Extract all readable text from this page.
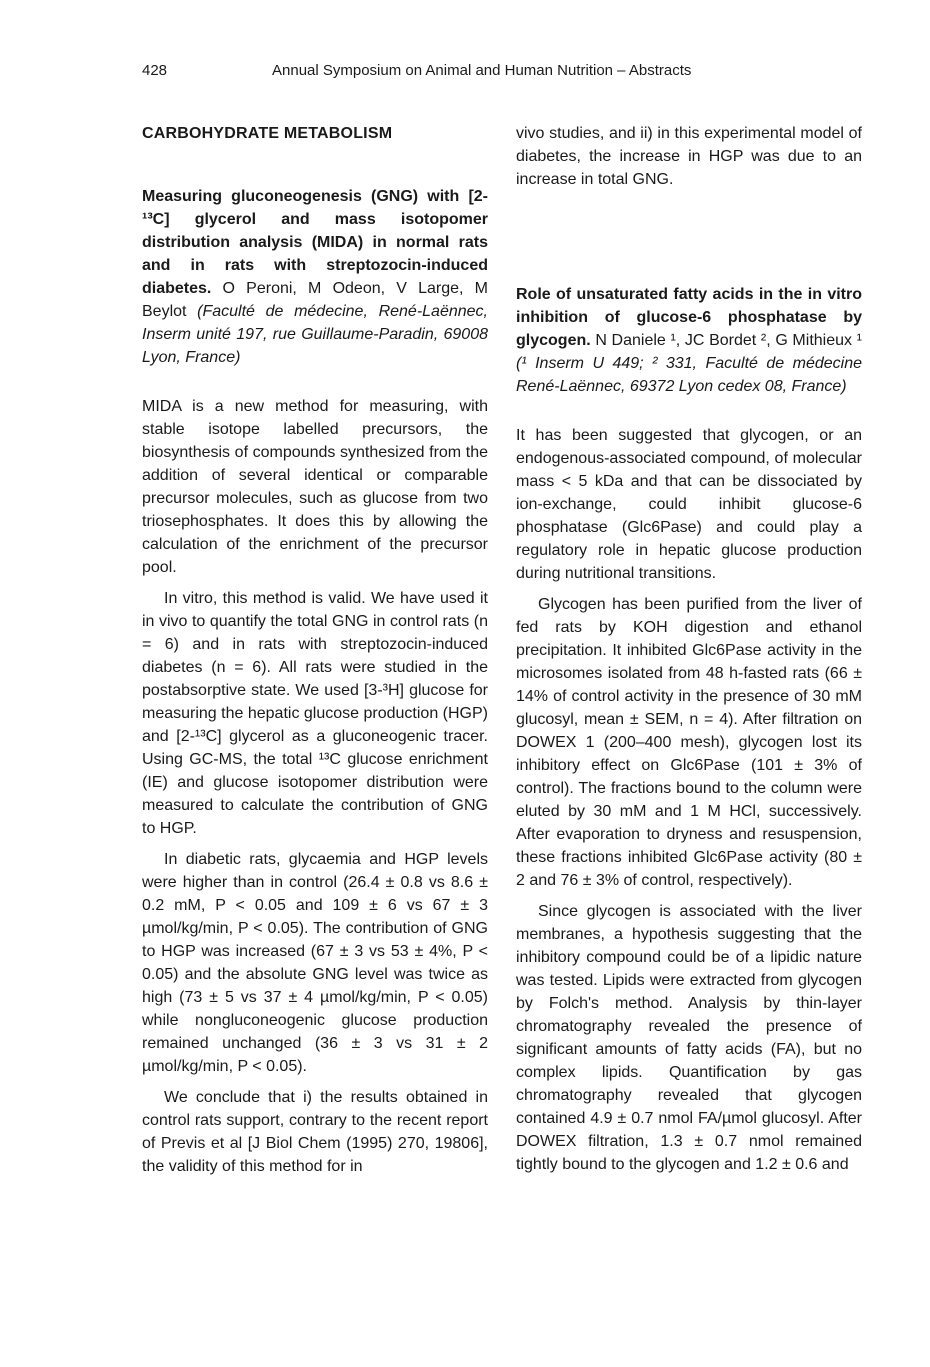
428	Annual Symposium on Animal and Human Nutrition – Abstracts
CARBOHYDRATE METABOLISM
Measuring gluconeogenesis (GNG) with [2-¹³C] glycerol and mass isotopomer distribution analysis (MIDA) in normal rats and in rats with streptozocin-induced diabetes. O Peroni, M Odeon, V Large, M Beylot (Faculté de médecine, René-Laënnec, Inserm unité 197, rue Guillaume-Paradin, 69008 Lyon, France)

MIDA is a new method for measuring, with stable isotope labelled precursors, the biosynthesis of compounds synthesized from the addition of several identical or comparable precursor molecules, such as glucose from two triosephosphates. It does this by allowing the calculation of the enrichment of the precursor pool.

In vitro, this method is valid. We have used it in vivo to quantify the total GNG in control rats (n = 6) and in rats with streptozocin-induced diabetes (n = 6). All rats were studied in the postabsorptive state. We used [3-³H] glucose for measuring the hepatic glucose production (HGP) and [2-¹³C] glycerol as a gluconeogenic tracer. Using GC-MS, the total ¹³C glucose enrichment (IE) and glucose isotopomer distribution were measured to calculate the contribution of GNG to HGP.

In diabetic rats, glycaemia and HGP levels were higher than in control (26.4 ± 0.8 vs 8.6 ± 0.2 mM, P < 0.05 and 109 ± 6 vs 67 ± 3 µmol/kg/min, P < 0.05). The contribution of GNG to HGP was increased (67 ± 3 vs 53 ± 4%, P < 0.05) and the absolute GNG level was twice as high (73 ± 5 vs 37 ± 4 µmol/kg/min, P < 0.05) while nongluconeogenic glucose production remained unchanged (36 ± 3 vs 31 ± 2 µmol/kg/min, P < 0.05).

We conclude that i) the results obtained in control rats support, contrary to the recent report of Previs et al [J Biol Chem (1995) 270, 19806], the validity of this method for in

vivo studies, and ii) in this experimental model of diabetes, the increase in HGP was due to an increase in total GNG.

Role of unsaturated fatty acids in the in vitro inhibition of glucose-6 phosphatase by glycogen. N Daniele ¹, JC Bordet ², G Mithieux ¹ (¹ Inserm U 449; ² 331, Faculté de médecine René-Laënnec, 69372 Lyon cedex 08, France)

It has been suggested that glycogen, or an endogenous-associated compound, of molecular mass < 5 kDa and that can be dissociated by ion-exchange, could inhibit glucose-6 phosphatase (Glc6Pase) and could play a regulatory role in hepatic glucose production during nutritional transitions.

Glycogen has been purified from the liver of fed rats by KOH digestion and ethanol precipitation. It inhibited Glc6Pase activity in the microsomes isolated from 48 h-fasted rats (66 ± 14% of control activity in the presence of 30 mM glucosyl, mean ± SEM, n = 4). After filtration on DOWEX 1 (200–400 mesh), glycogen lost its inhibitory effect on Glc6Pase (101 ± 3% of control). The fractions bound to the column were eluted by 30 mM and 1 M HCl, successively. After evaporation to dryness and resuspension, these fractions inhibited Glc6Pase activity (80 ± 2 and 76 ± 3% of control, respectively).

Since glycogen is associated with the liver membranes, a hypothesis suggesting that the inhibitory compound could be of a lipidic nature was tested. Lipids were extracted from glycogen by Folch's method. Analysis by thin-layer chromatography revealed the presence of significant amounts of fatty acids (FA), but no complex lipids. Quantification by gas chromatography revealed that glycogen contained 4.9 ± 0.7 nmol FA/µmol glucosyl. After DOWEX filtration, 1.3 ± 0.7 nmol remained tightly bound to the glycogen and 1.2 ± 0.6 and
